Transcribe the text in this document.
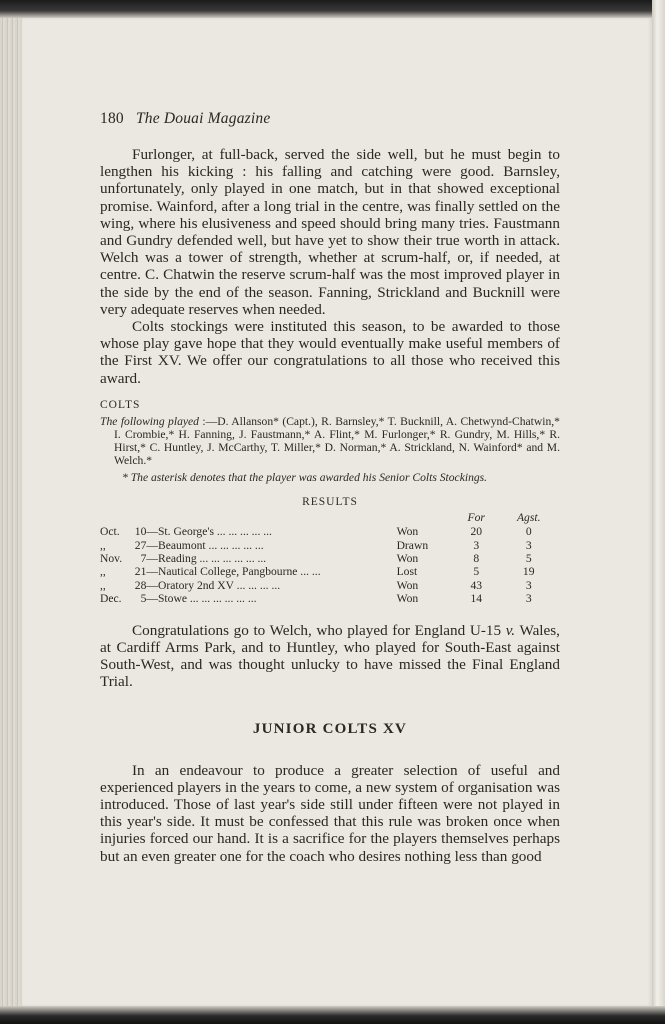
180 The Douai Magazine

Furlonger, at full-back, served the side well, but he must begin to lengthen his kicking : his falling and catching were good. Barnsley, unfortunately, only played in one match, but in that showed exceptional promise. Wainford, after a long trial in the centre, was finally settled on the wing, where his elusiveness and speed should bring many tries. Faustmann and Gundry defended well, but have yet to show their true worth in attack. Welch was a tower of strength, whether at scrum-half, or, if needed, at centre. C. Chatwin the reserve scrum-half was the most improved player in the side by the end of the season. Fanning, Strickland and Bucknill were very adequate reserves when needed.

Colts stockings were instituted this season, to be awarded to those whose play gave hope that they would eventually make useful members of the First XV. We offer our congratulations to all those who received this award.

COLTS

The following played :—D. Allanson* (Capt.), R. Barnsley,* T. Bucknill, A. Chetwynd-Chatwin,* I. Crombie,* H. Fanning, J. Faustmann,* A. Flint,* M. Furlonger,* R. Gundry, M. Hills,* R. Hirst,* C. Huntley, J. McCarthy, T. Miller,* D. Norman,* A. Strickland, N. Wainford* and M. Welch.*

* The asterisk denotes that the player was awarded his Senior Colts Stockings.

RESULTS
				For	Agst.
Oct.	10	—St. George's ... ... ... ... ...	Won	20	0
,,	27	—Beaumont ... ... ... ... ...	Drawn	3	3
Nov.	7	—Reading ... ... ... ... ... ...	Won	8	5
,,	21	—Nautical College, Pangbourne ... ...	Lost	5	19
,,	28	—Oratory 2nd XV ... ... ... ...	Won	43	3
Dec.	5	—Stowe ... ... ... ... ... ...	Won	14	3

Congratulations go to Welch, who played for England U-15 v. Wales, at Cardiff Arms Park, and to Huntley, who played for South-East against South-West, and was thought unlucky to have missed the Final England Trial.

JUNIOR COLTS XV

In an endeavour to produce a greater selection of useful and experienced players in the years to come, a new system of organisation was introduced. Those of last year's side still under fifteen were not played in this year's side. It must be confessed that this rule was broken once when injuries forced our hand. It is a sacrifice for the players themselves perhaps but an even greater one for the coach who desires nothing less than good
